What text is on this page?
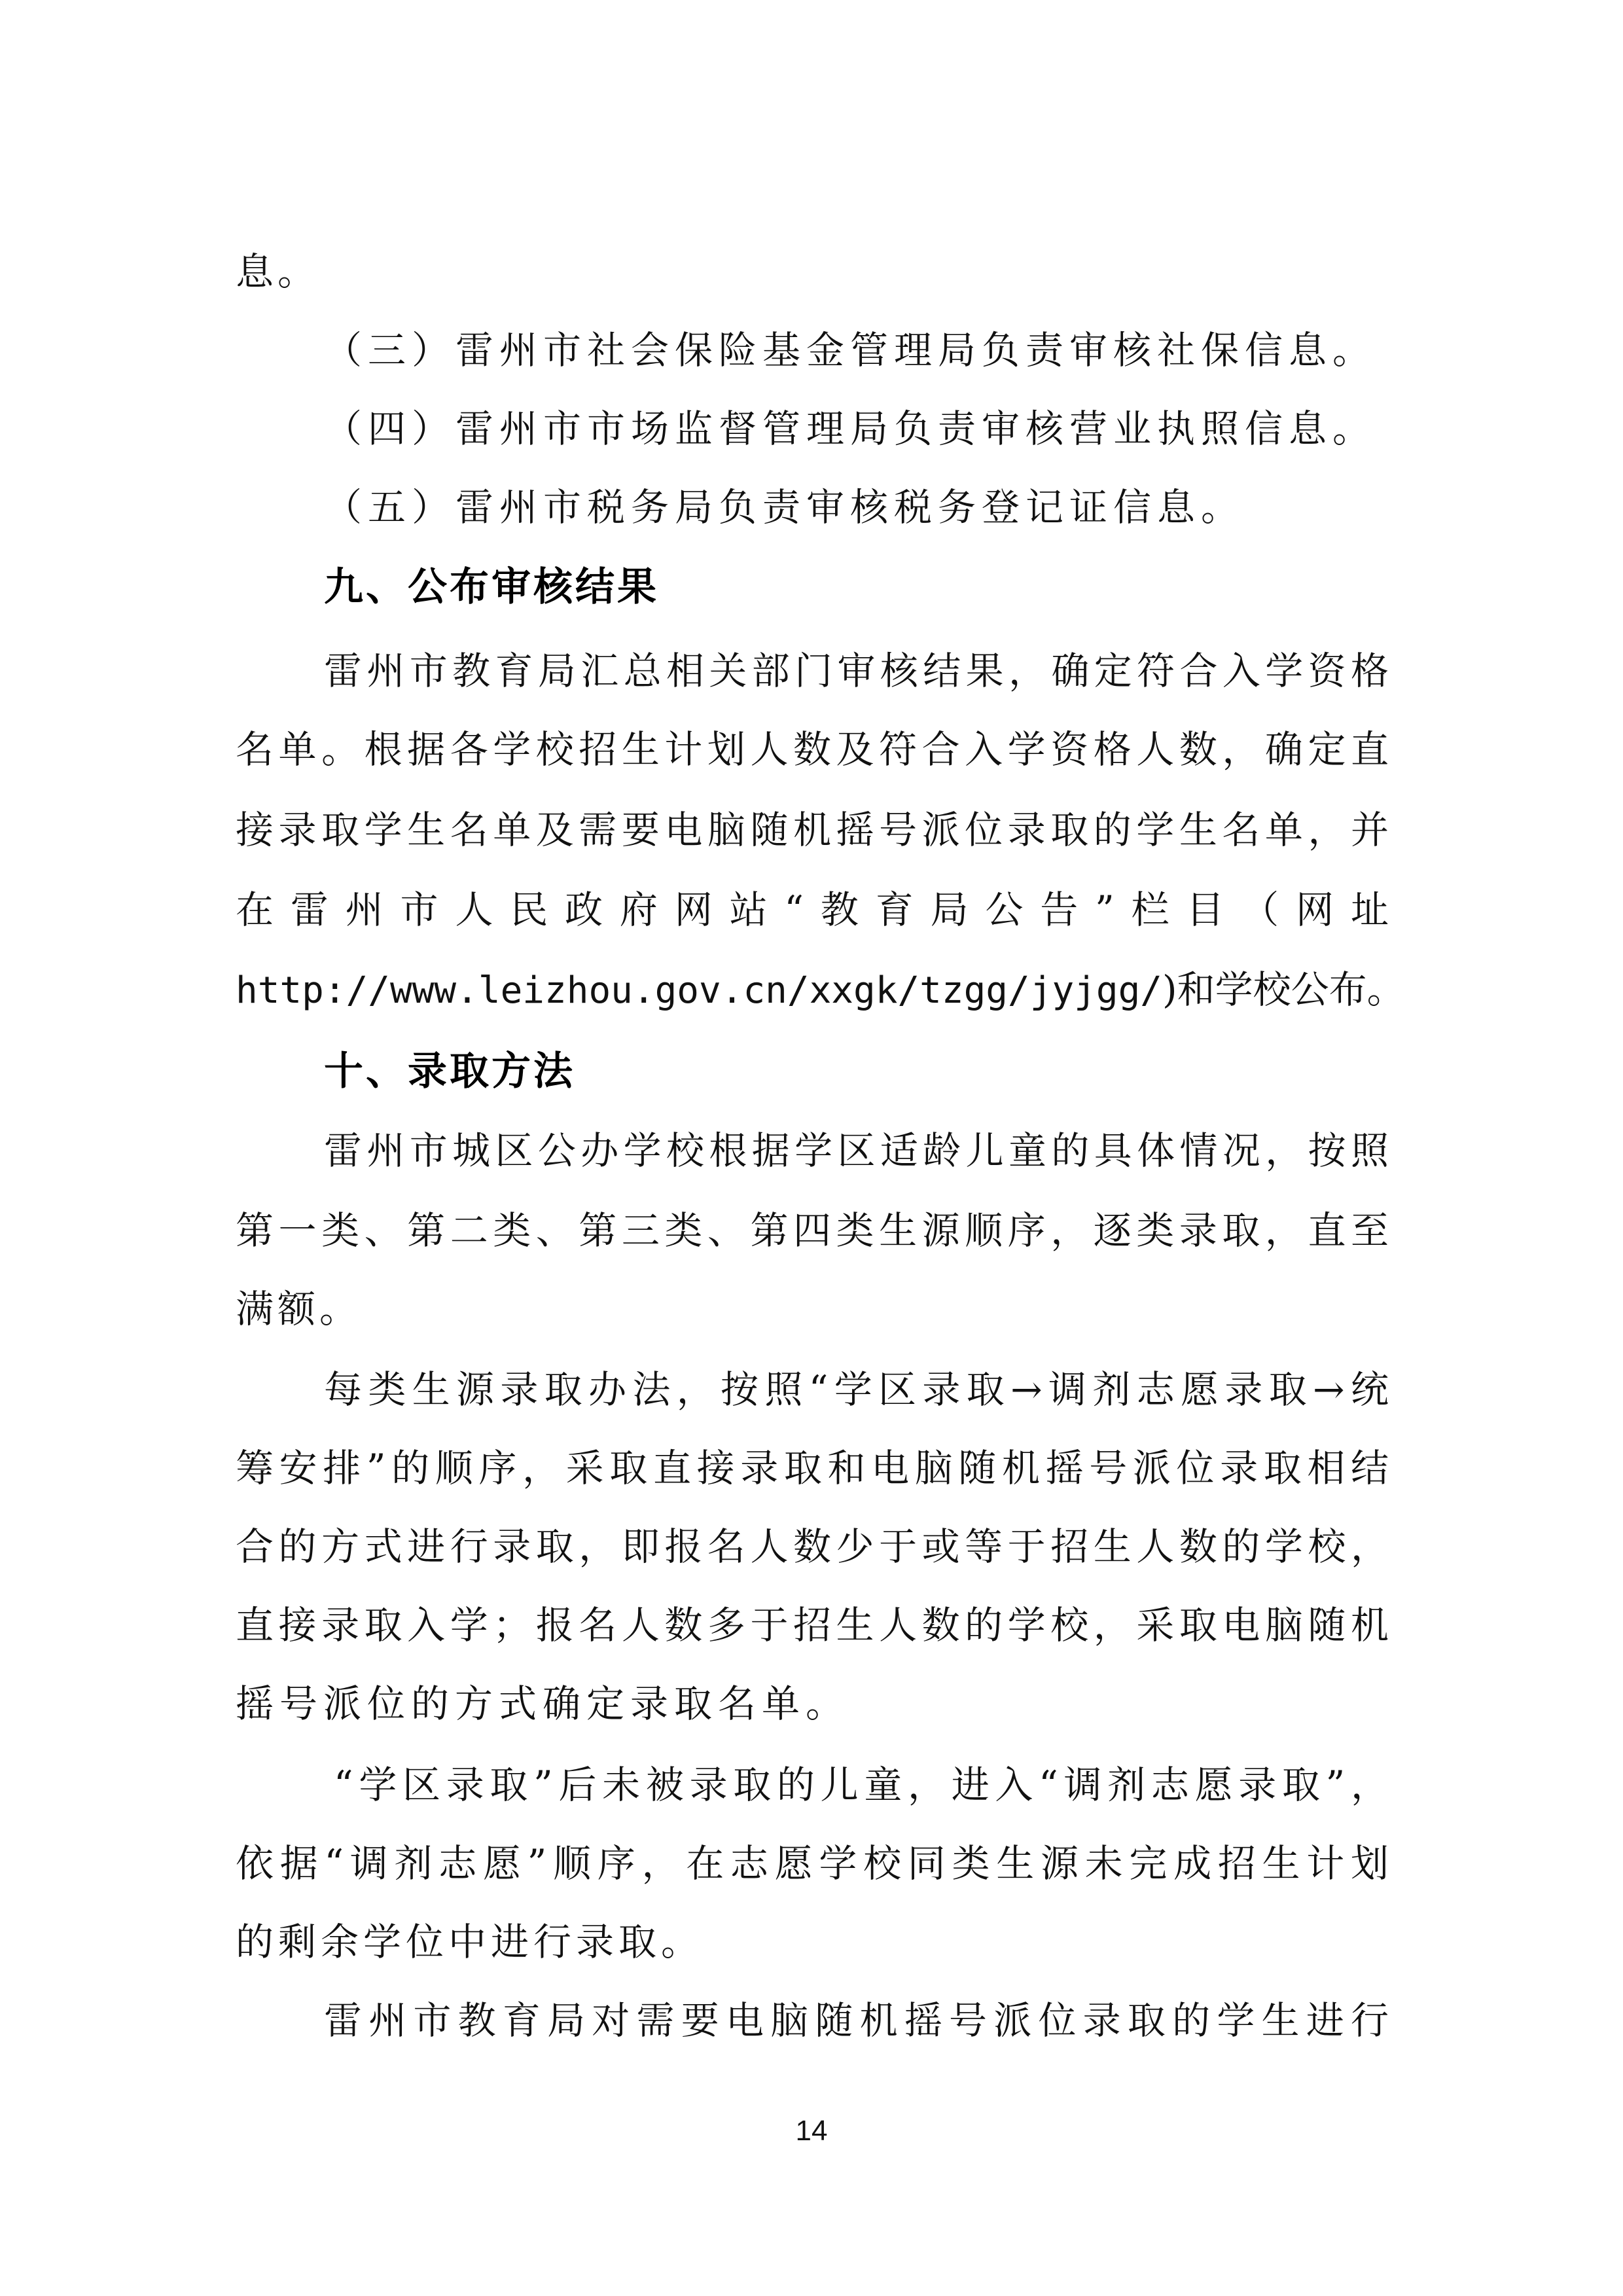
息。
（三）雷州市社会保险基金管理局负责审核社保信息。
（四）雷州市市场监督管理局负责审核营业执照信息。
（五）雷州市税务局负责审核税务登记证信息。
九、公布审核结果
雷州市教育局汇总相关部门审核结果，确定符合入学资格
名单。根据各学校招生计划人数及符合入学资格人数，确定直
接录取学生名单及需要电脑随机摇号派位录取的学生名单，并
在雷州市人民政府网站“教育局公告”栏目（网址
http://www.leizhou.gov.cn/xxgk/tzgg/jyjgg/)和学校公布。
十、录取方法
雷州市城区公办学校根据学区适龄儿童的具体情况，按照
第一类、第二类、第三类、第四类生源顺序，逐类录取，直至
满额。
每类生源录取办法，按照“学区录取→调剂志愿录取→统
筹安排”的顺序，采取直接录取和电脑随机摇号派位录取相结
合的方式进行录取，即报名人数少于或等于招生人数的学校，
直接录取入学；报名人数多于招生人数的学校，采取电脑随机
摇号派位的方式确定录取名单。
“学区录取”后未被录取的儿童，进入“调剂志愿录取”，
依据“调剂志愿”顺序，在志愿学校同类生源未完成招生计划
的剩余学位中进行录取。
雷州市教育局对需要电脑随机摇号派位录取的学生进行
14
